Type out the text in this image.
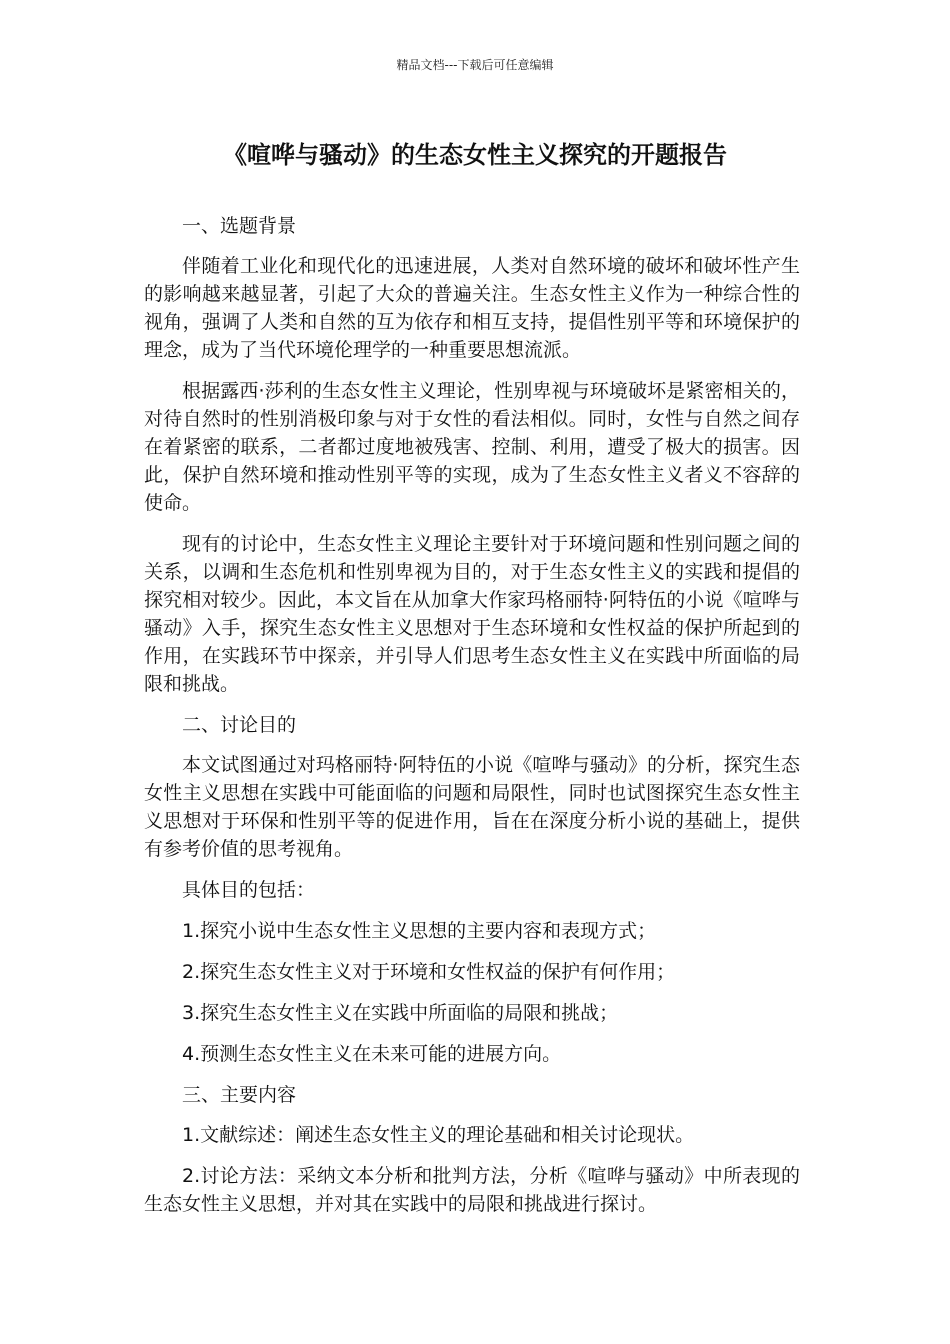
精品文档---下载后可任意编辑
《喧哗与骚动》的生态女性主义探究的开题报告

一、选题背景

伴随着工业化和现代化的迅速进展，人类对自然环境的破坏和破坏性产生的影响越来越显著，引起了大众的普遍关注。生态女性主义作为一种综合性的视角，强调了人类和自然的互为依存和相互支持，提倡性别平等和环境保护的理念，成为了当代环境伦理学的一种重要思想流派。

根据露西·莎利的生态女性主义理论，性别卑视与环境破坏是紧密相关的，对待自然时的性别消极印象与对于女性的看法相似。同时，女性与自然之间存在着紧密的联系，二者都过度地被残害、控制、利用，遭受了极大的损害。因此，保护自然环境和推动性别平等的实现，成为了生态女性主义者义不容辞的使命。

现有的讨论中，生态女性主义理论主要针对于环境问题和性别问题之间的关系，以调和生态危机和性别卑视为目的，对于生态女性主义的实践和提倡的探究相对较少。因此，本文旨在从加拿大作家玛格丽特·阿特伍的小说《喧哗与骚动》入手，探究生态女性主义思想对于生态环境和女性权益的保护所起到的作用，在实践环节中探亲，并引导人们思考生态女性主义在实践中所面临的局限和挑战。

二、讨论目的

本文试图通过对玛格丽特·阿特伍的小说《喧哗与骚动》的分析，探究生态女性主义思想在实践中可能面临的问题和局限性，同时也试图探究生态女性主义思想对于环保和性别平等的促进作用，旨在在深度分析小说的基础上，提供有参考价值的思考视角。

具体目的包括：

1.探究小说中生态女性主义思想的主要内容和表现方式；

2.探究生态女性主义对于环境和女性权益的保护有何作用；

3.探究生态女性主义在实践中所面临的局限和挑战；

4.预测生态女性主义在未来可能的进展方向。

三、主要内容

1.文献综述：阐述生态女性主义的理论基础和相关讨论现状。

2.讨论方法：采纳文本分析和批判方法，分析《喧哗与骚动》中所表现的生态女性主义思想，并对其在实践中的局限和挑战进行探讨。
